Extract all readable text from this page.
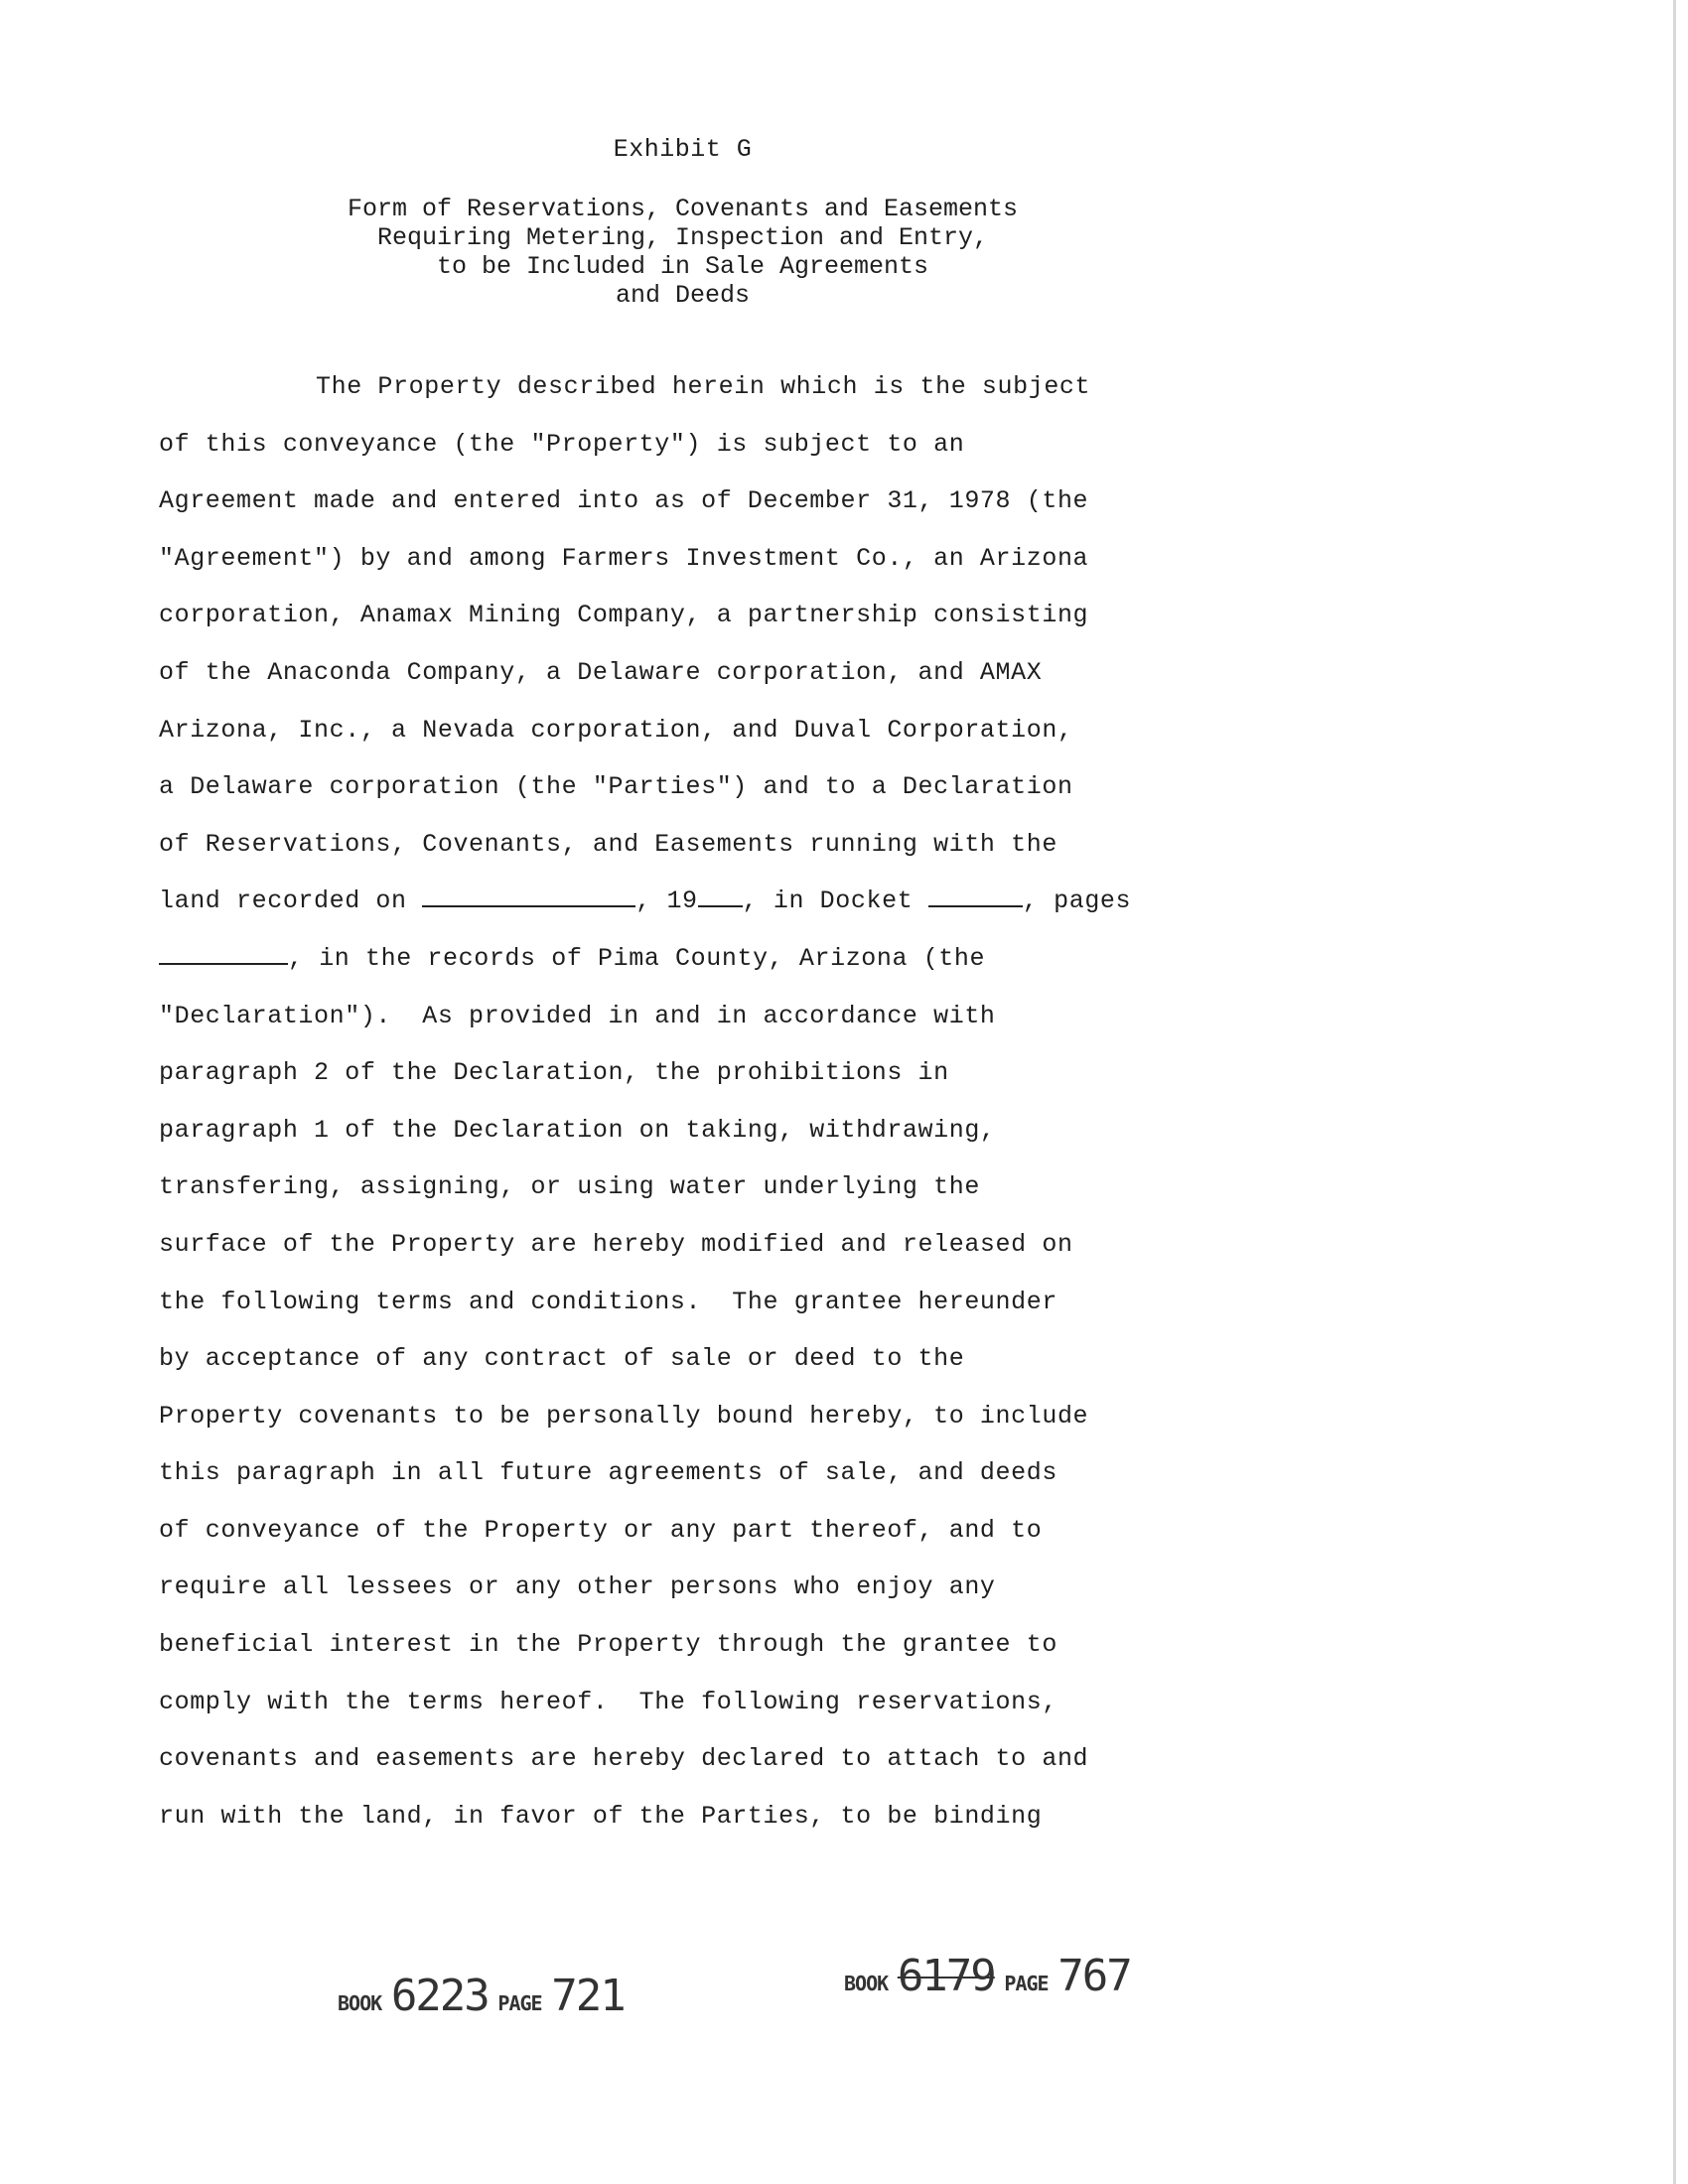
Exhibit G
Form of Reservations, Covenants and Easements
Requiring Metering, Inspection and Entry,
to be Included in Sale Agreements
and Deeds
The Property described herein which is the subject
of this conveyance (the "Property") is subject to an
Agreement made and entered into as of December 31, 1978 (the
"Agreement") by and among Farmers Investment Co., an Arizona
corporation, Anamax Mining Company, a partnership consisting
of the Anaconda Company, a Delaware corporation, and AMAX
Arizona, Inc., a Nevada corporation, and Duval Corporation,
a Delaware corporation (the "Parties") and to a Declaration
of Reservations, Covenants, and Easements running with the
land recorded on	, 19 , in Docket	, pages
, in the records of Pima County, Arizona (the
"Declaration").  As provided in and in accordance with
paragraph 2 of the Declaration, the prohibitions in
paragraph 1 of the Declaration on taking, withdrawing,
transfering, assigning, or using water underlying the
surface of the Property are hereby modified and released on
the following terms and conditions.  The grantee hereunder
by acceptance of any contract of sale or deed to the
Property covenants to be personally bound hereby, to include
this paragraph in all future agreements of sale, and deeds
of conveyance of the Property or any part thereof, and to
require all lessees or any other persons who enjoy any
beneficial interest in the Property through the grantee to
comply with the terms hereof.  The following reservations,
covenants and easements are hereby declared to attach to and
run with the land, in favor of the Parties, to be binding
BOOK 6223 PAGE 721	BOOK 6179 PAGE 767
